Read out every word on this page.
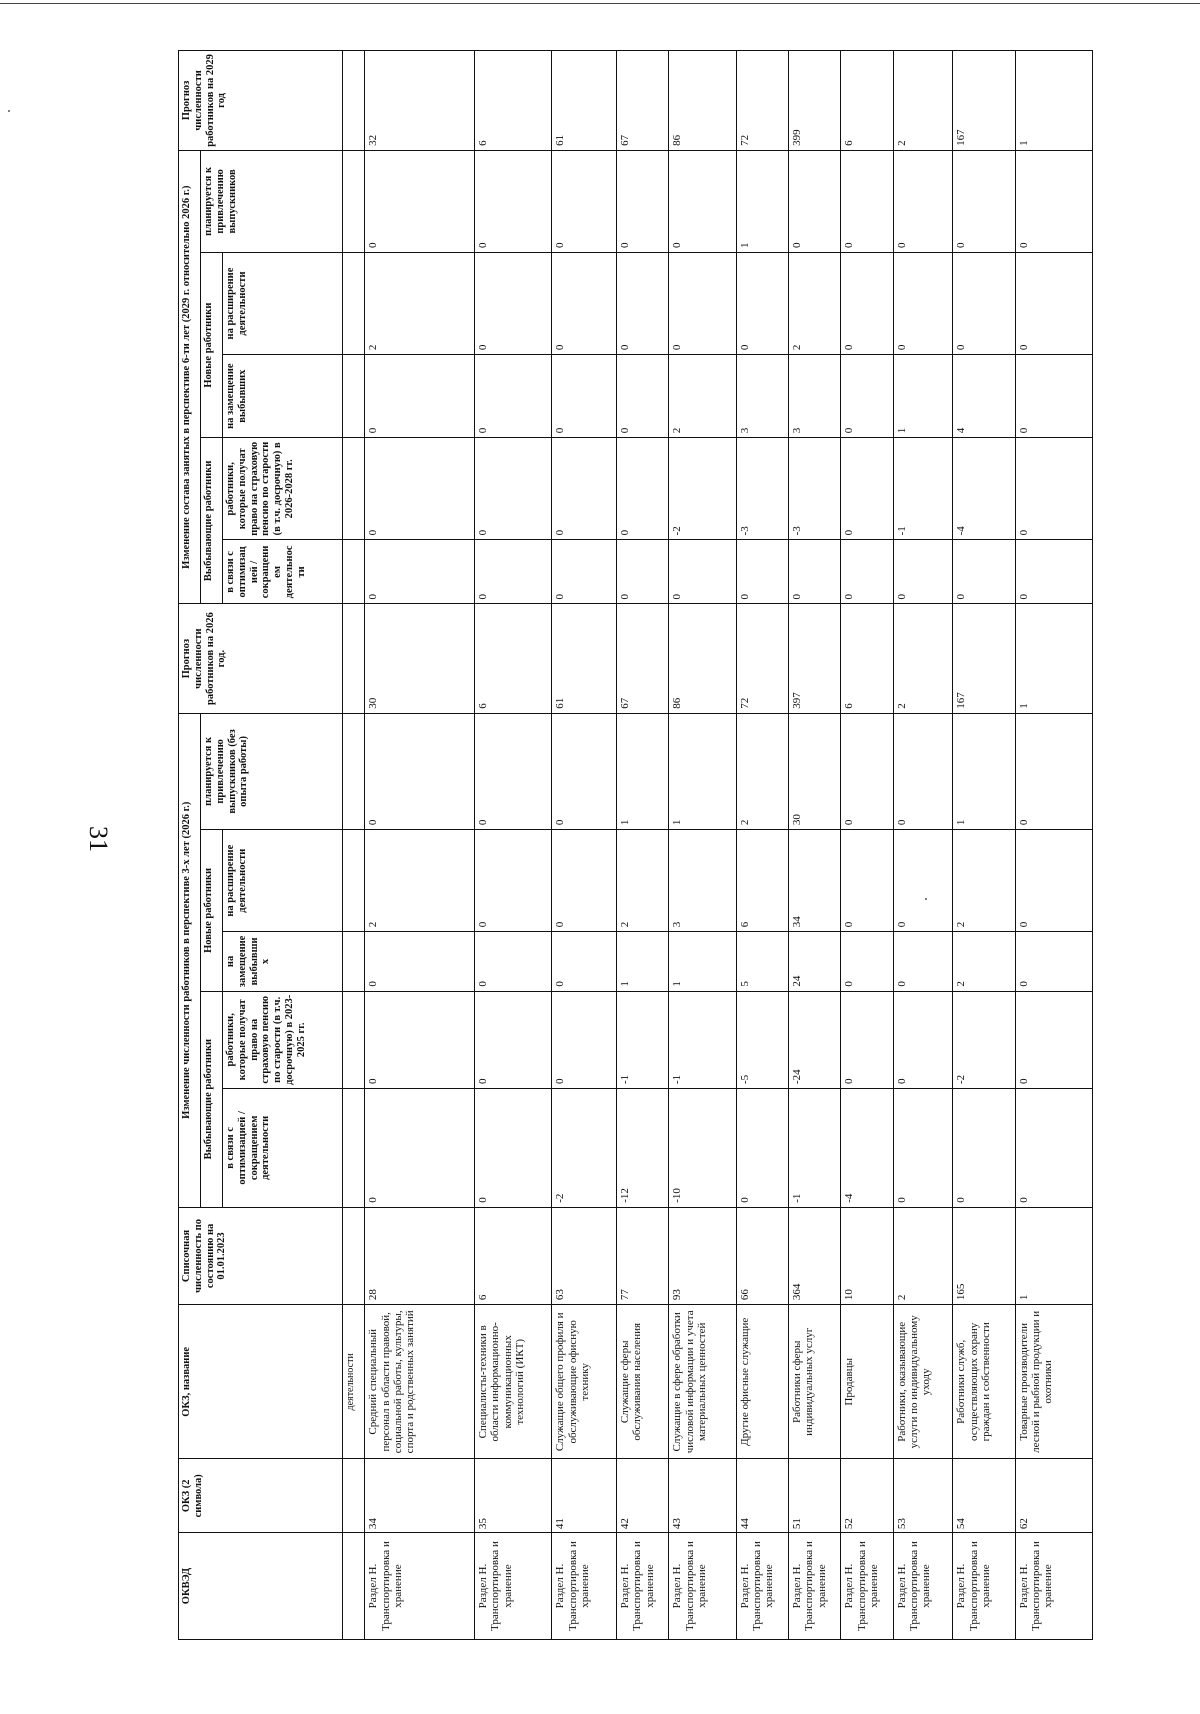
31
ОКВЭД	ОКЗ (2 символа)	ОКЗ, название	Списочная численность по состоянию на 01.01.2023	Изменение численности работников в перспективе 3-х лет (2026 г.)					Прогноз численности работников на 2026 год.	Изменение состава занятых в перспективе 6-ти лет (2029 г. относительно 2026 г.)					Прогноз численности работников на 2029 год
				Выбывающие работники		Новые работники		планируется к привлечению выпускников (без опыта работы)		Выбывающие работники		Новые работники		планируется к привлечению выпускников	
				в связи с оптимизацией / сокращением деятельности	работники, которые получат право на страховую пенсию по старости (в т.ч. досрочную) в 2023-2025 гг.	на замещение выбывших	на расширение деятельности			в связи с оптимизацией / сокращением деятельности	работники, которые получат право на страховую пенсию по старости (в т.ч. досрочную) в 2026-2028 гг.	на замещение выбывших	на расширение деятельности		
		деятельности													
Раздел H. Транспортировка и хранение	34	Средний специальный персонал в области правовой, социальной работы, культуры, спорта и родственных занятий	28	0	0	0	2	0	30	0	0	0	2	0	32
Раздел H. Транспортировка и хранение	35	Специалисты-техники в области информационно-коммуникационных технологий (ИКТ)	6	0	0	0	0	0	6	0	0	0	0	0	6
Раздел H. Транспортировка и хранение	41	Служащие общего профиля и обслуживающие офисную технику	63	-2	0	0	0	0	61	0	0	0	0	0	61
Раздел H. Транспортировка и хранение	42	Служащие сферы обслуживания населения	77	-12	-1	1	2	1	67	0	0	0	0	0	67
Раздел H. Транспортировка и хранение	43	Служащие в сфере обработки числовой информации и учета материальных ценностей	93	-10	-1	1	3	1	86	0	-2	2	0	0	86
Раздел H. Транспортировка и хранение	44	Другие офисные служащие	66	0	-5	5	6	2	72	0	-3	3	0	1	72
Раздел H. Транспортировка и хранение	51	Работники сферы индивидуальных услуг	364	-1	-24	24	34	30	397	0	-3	3	2	0	399
Раздел H. Транспортировка и хранение	52	Продавцы	10	-4	0	0	0	0	6	0	0	0	0	0	6
Раздел H. Транспортировка и хранение	53	Работники, оказывающие услуги по индивидуальному уходу	2	0	0	0	0	0	2	0	-1	1	0	0	2
Раздел H. Транспортировка и хранение	54	Работники служб, осуществляющих охрану граждан и собственности	165	0	-2	2	2	1	167	0	-4	4	0	0	167
Раздел H. Транспортировка и хранение	62	Товарные производители лесной и рыбной продукции и охотники	1	0	0	0	0	0	1	0	0	0	0	0	1
